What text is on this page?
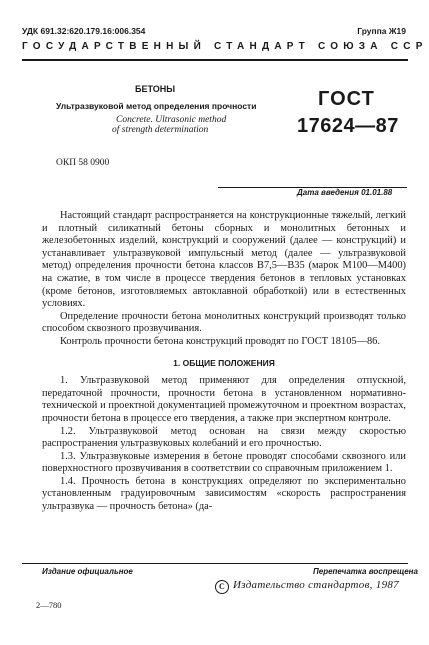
УДК 691.32:620.179.16:006.354	Группа Ж19
ГОСУДАРСТВЕННЫЙ СТАНДАРТ СОЮЗА ССР
БЕТОНЫ
Ультразвуковой метод определения прочности
Concrete. Ultrasonic method
of strength determination
ГОСТ
17624—87
ОКП 58 0900
Дата введения 01.01.88

Настоящий стандарт распространяется на конструкционные тяжелый, легкий и плотный силикатный бетоны сборных и монолитных бетонных и железобетонных изделий, конструкций и сооружений (далее — конструкций) и устанавливает ультразвуковой импульсный метод (далее — ультразвуковой метод) определения прочности бетона классов B7,5—B35 (марок M100—M400) на сжатие, в том числе в процессе твердения бетонов в тепловых установках (кроме бетонов, изготовляемых автоклавной обработкой) или в естественных условиях.

Определение прочности бетона монолитных конструкций производят только способом сквозного прозвучивания.

Контроль прочности бетона конструкций проводят по ГОСТ 18105—86.

1. ОБЩИЕ ПОЛОЖЕНИЯ

1. Ультразвуковой метод применяют для определения отпускной, передаточной прочности, прочности бетона в установленном нормативно-технической и проектной документацией промежуточном и проектном возрастах, прочности бетона в процессе его твердения, а также при экспертном контроле.

1.2. Ультразвуковой метод основан на связи между скоростью распространения ультразвуковых колебаний и его прочностью.

1.3. Ультразвуковые измерения в бетоне проводят способами сквозного или поверхностного прозвучивания в соответствии со справочным приложением 1.

1.4. Прочность бетона в конструкциях определяют по экспериментально установленным градуировочным зависимостям «скорость распространения ультразвука — прочность бетона» (да-

Издание официальное	Перепечатка воспрещена
С Издательство стандартов, 1987
2—780
